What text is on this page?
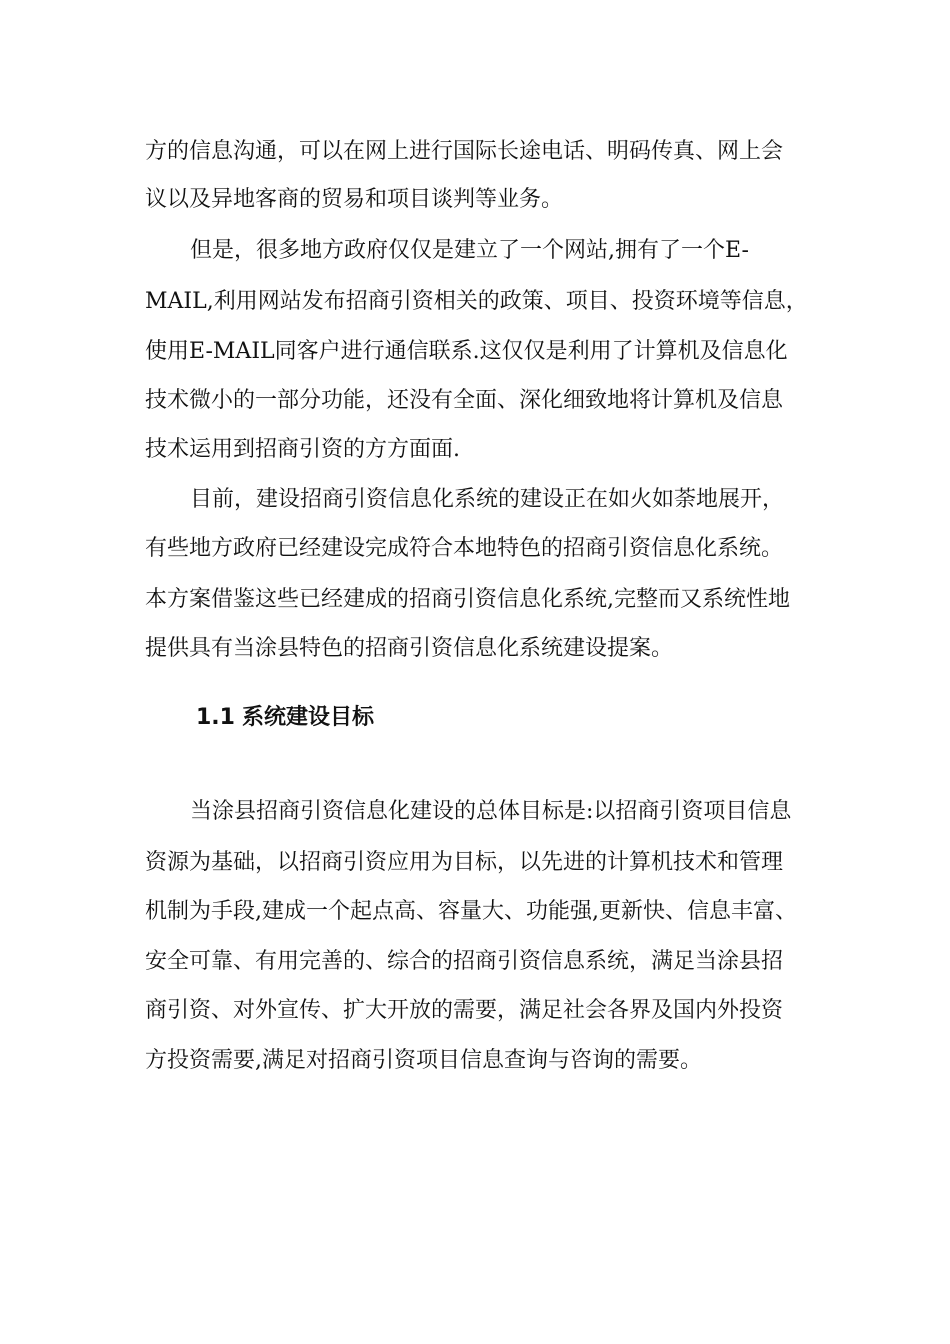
方的信息沟通，可以在网上进行国际长途电话、明码传真、网上会
议以及异地客商的贸易和项目谈判等业务。
但是，很多地方政府仅仅是建立了一个网站,拥有了一个E-
MAIL,利用网站发布招商引资相关的政策、项目、投资环境等信息，
使用E-MAIL同客户进行通信联系.这仅仅是利用了计算机及信息化
技术微小的一部分功能，还没有全面、深化细致地将计算机及信息
技术运用到招商引资的方方面面.
目前，建设招商引资信息化系统的建设正在如火如荼地展开，
有些地方政府已经建设完成符合本地特色的招商引资信息化系统。
本方案借鉴这些已经建成的招商引资信息化系统,完整而又系统性地
提供具有当涂县特色的招商引资信息化系统建设提案。
1.1 系统建设目标
当涂县招商引资信息化建设的总体目标是:以招商引资项目信息
资源为基础，以招商引资应用为目标，以先进的计算机技术和管理
机制为手段,建成一个起点高、容量大、功能强,更新快、信息丰富、
安全可靠、有用完善的、综合的招商引资信息系统，满足当涂县招
商引资、对外宣传、扩大开放的需要，满足社会各界及国内外投资
方投资需要,满足对招商引资项目信息查询与咨询的需要。
